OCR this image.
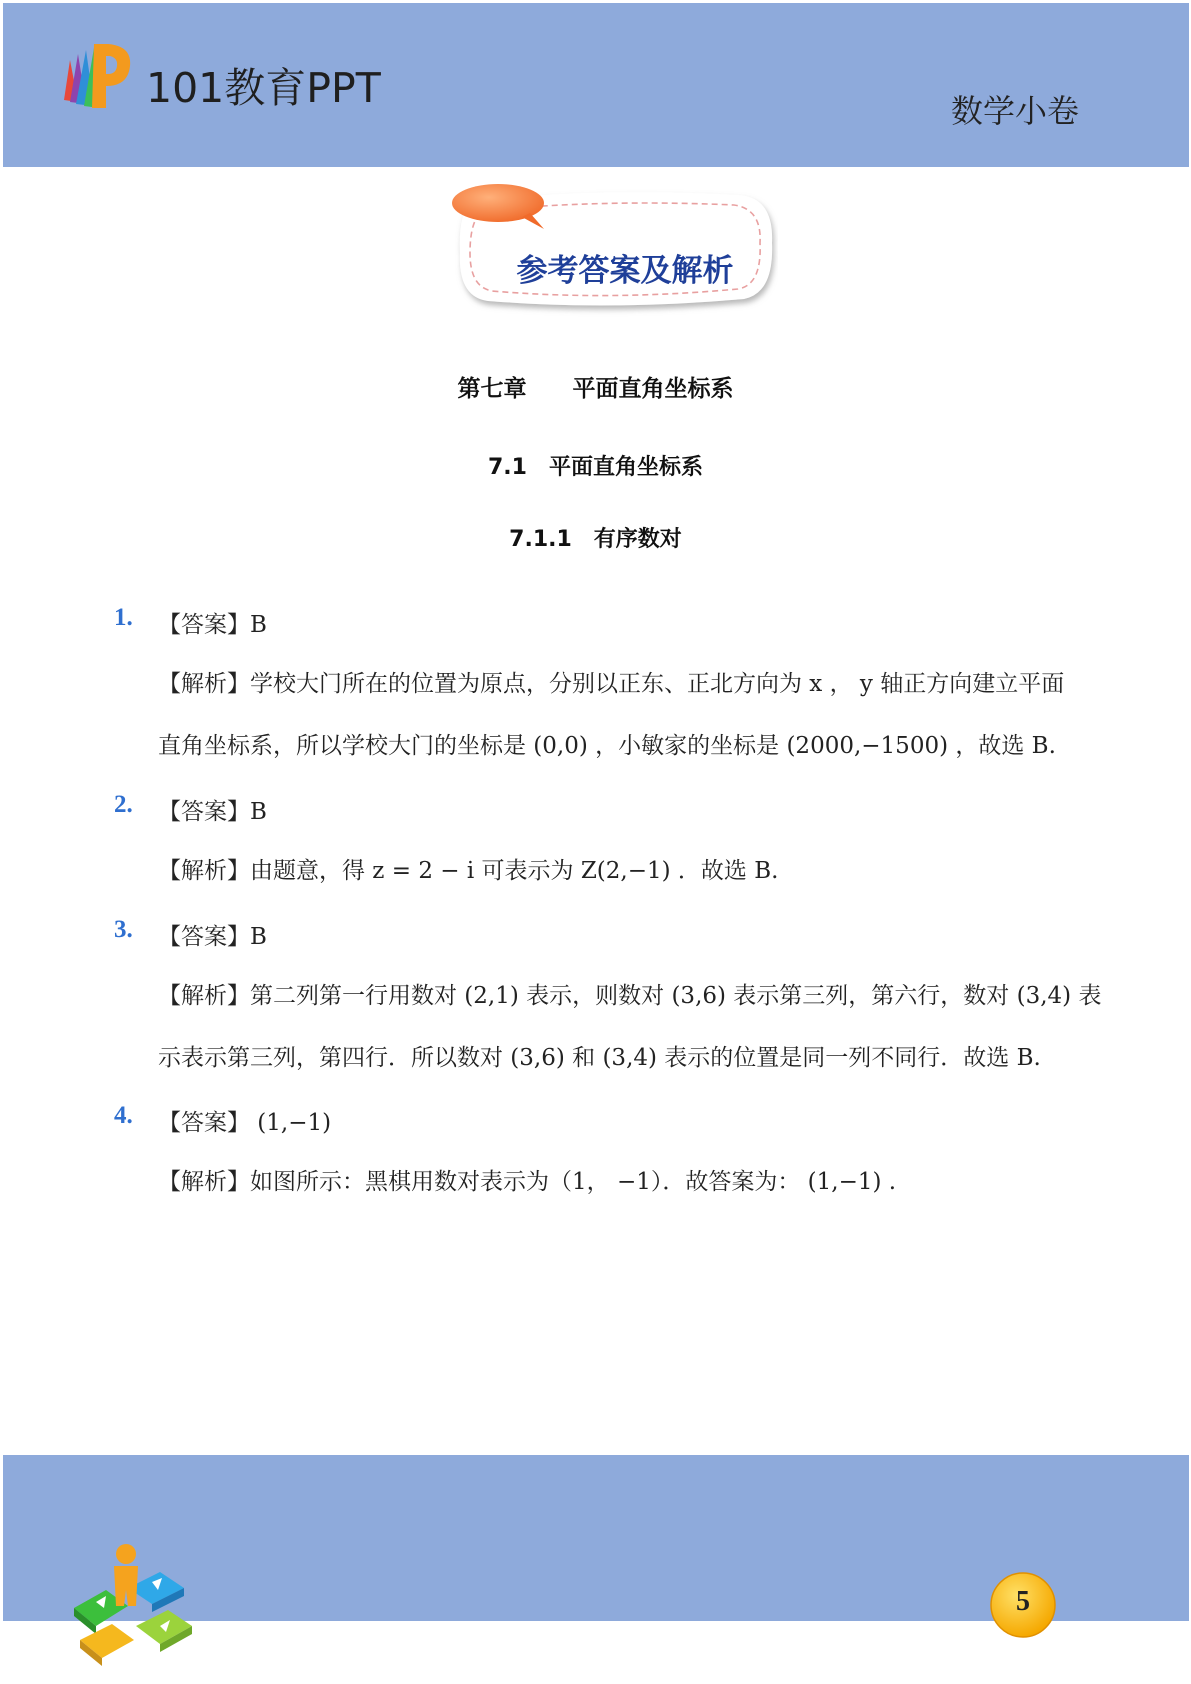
101教育PPT	数学小卷
参考答案及解析
第七章　　平面直角坐标系
7.1　平面直角坐标系
7.1.1　有序数对
1. 【答案】B
【解析】学校大门所在的位置为原点，分别以正东、正北方向为 x ， y 轴正方向建立平面
直角坐标系，所以学校大门的坐标是 (0,0) ，小敏家的坐标是 (2000,−1500) ，故选 B.
2. 【答案】B
【解析】由题意，得 z = 2 − i 可表示为 Z(2,−1) ．故选 B.
3. 【答案】B
【解析】第二列第一行用数对 (2,1) 表示，则数对 (3,6) 表示第三列，第六行，数对 (3,4) 表
示表示第三列，第四行．所以数对 (3,6) 和 (3,4) 表示的位置是同一列不同行．故选 B.
4. 【答案】 (1,−1)
【解析】如图所示：黑棋用数对表示为（1， −1）．故答案为： (1,−1) .
5
